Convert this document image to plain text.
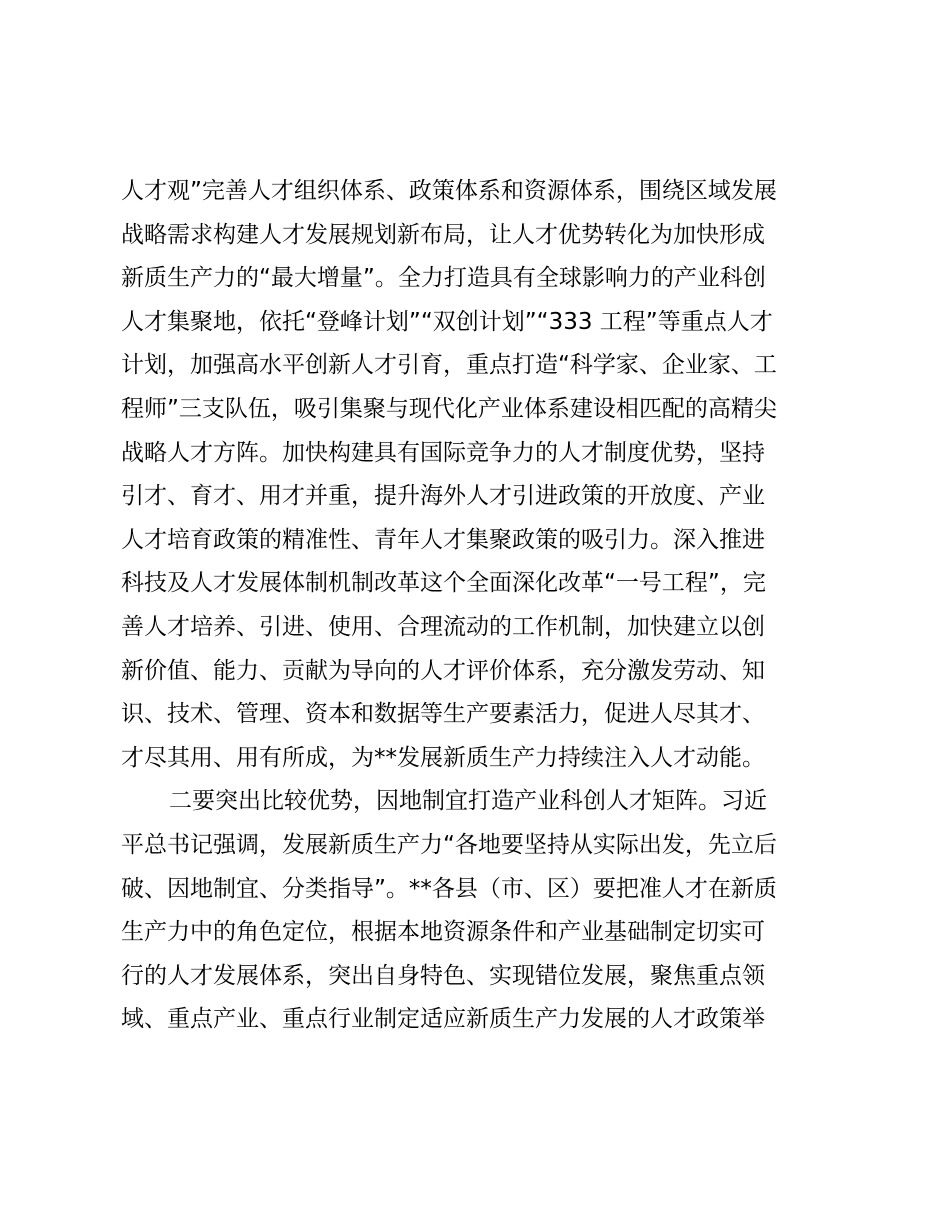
人才观”完善人才组织体系、政策体系和资源体系，围绕区域发展
战略需求构建人才发展规划新布局，让人才优势转化为加快形成
新质生产力的“最大增量”。全力打造具有全球影响力的产业科创
人才集聚地，依托“登峰计划”“双创计划”“333 工程”等重点人才
计划，加强高水平创新人才引育，重点打造“科学家、企业家、工
程师”三支队伍，吸引集聚与现代化产业体系建设相匹配的高精尖
战略人才方阵。加快构建具有国际竞争力的人才制度优势，坚持
引才、育才、用才并重，提升海外人才引进政策的开放度、产业
人才培育政策的精准性、青年人才集聚政策的吸引力。深入推进
科技及人才发展体制机制改革这个全面深化改革“一号工程”，完
善人才培养、引进、使用、合理流动的工作机制，加快建立以创
新价值、能力、贡献为导向的人才评价体系，充分激发劳动、知
识、技术、管理、资本和数据等生产要素活力，促进人尽其才、
才尽其用、用有所成，为**发展新质生产力持续注入人才动能。
二要突出比较优势，因地制宜打造产业科创人才矩阵。习近
平总书记强调，发展新质生产力“各地要坚持从实际出发，先立后
破、因地制宜、分类指导”。**各县（市、区）要把准人才在新质
生产力中的角色定位，根据本地资源条件和产业基础制定切实可
行的人才发展体系，突出自身特色、实现错位发展，聚焦重点领
域、重点产业、重点行业制定适应新质生产力发展的人才政策举
